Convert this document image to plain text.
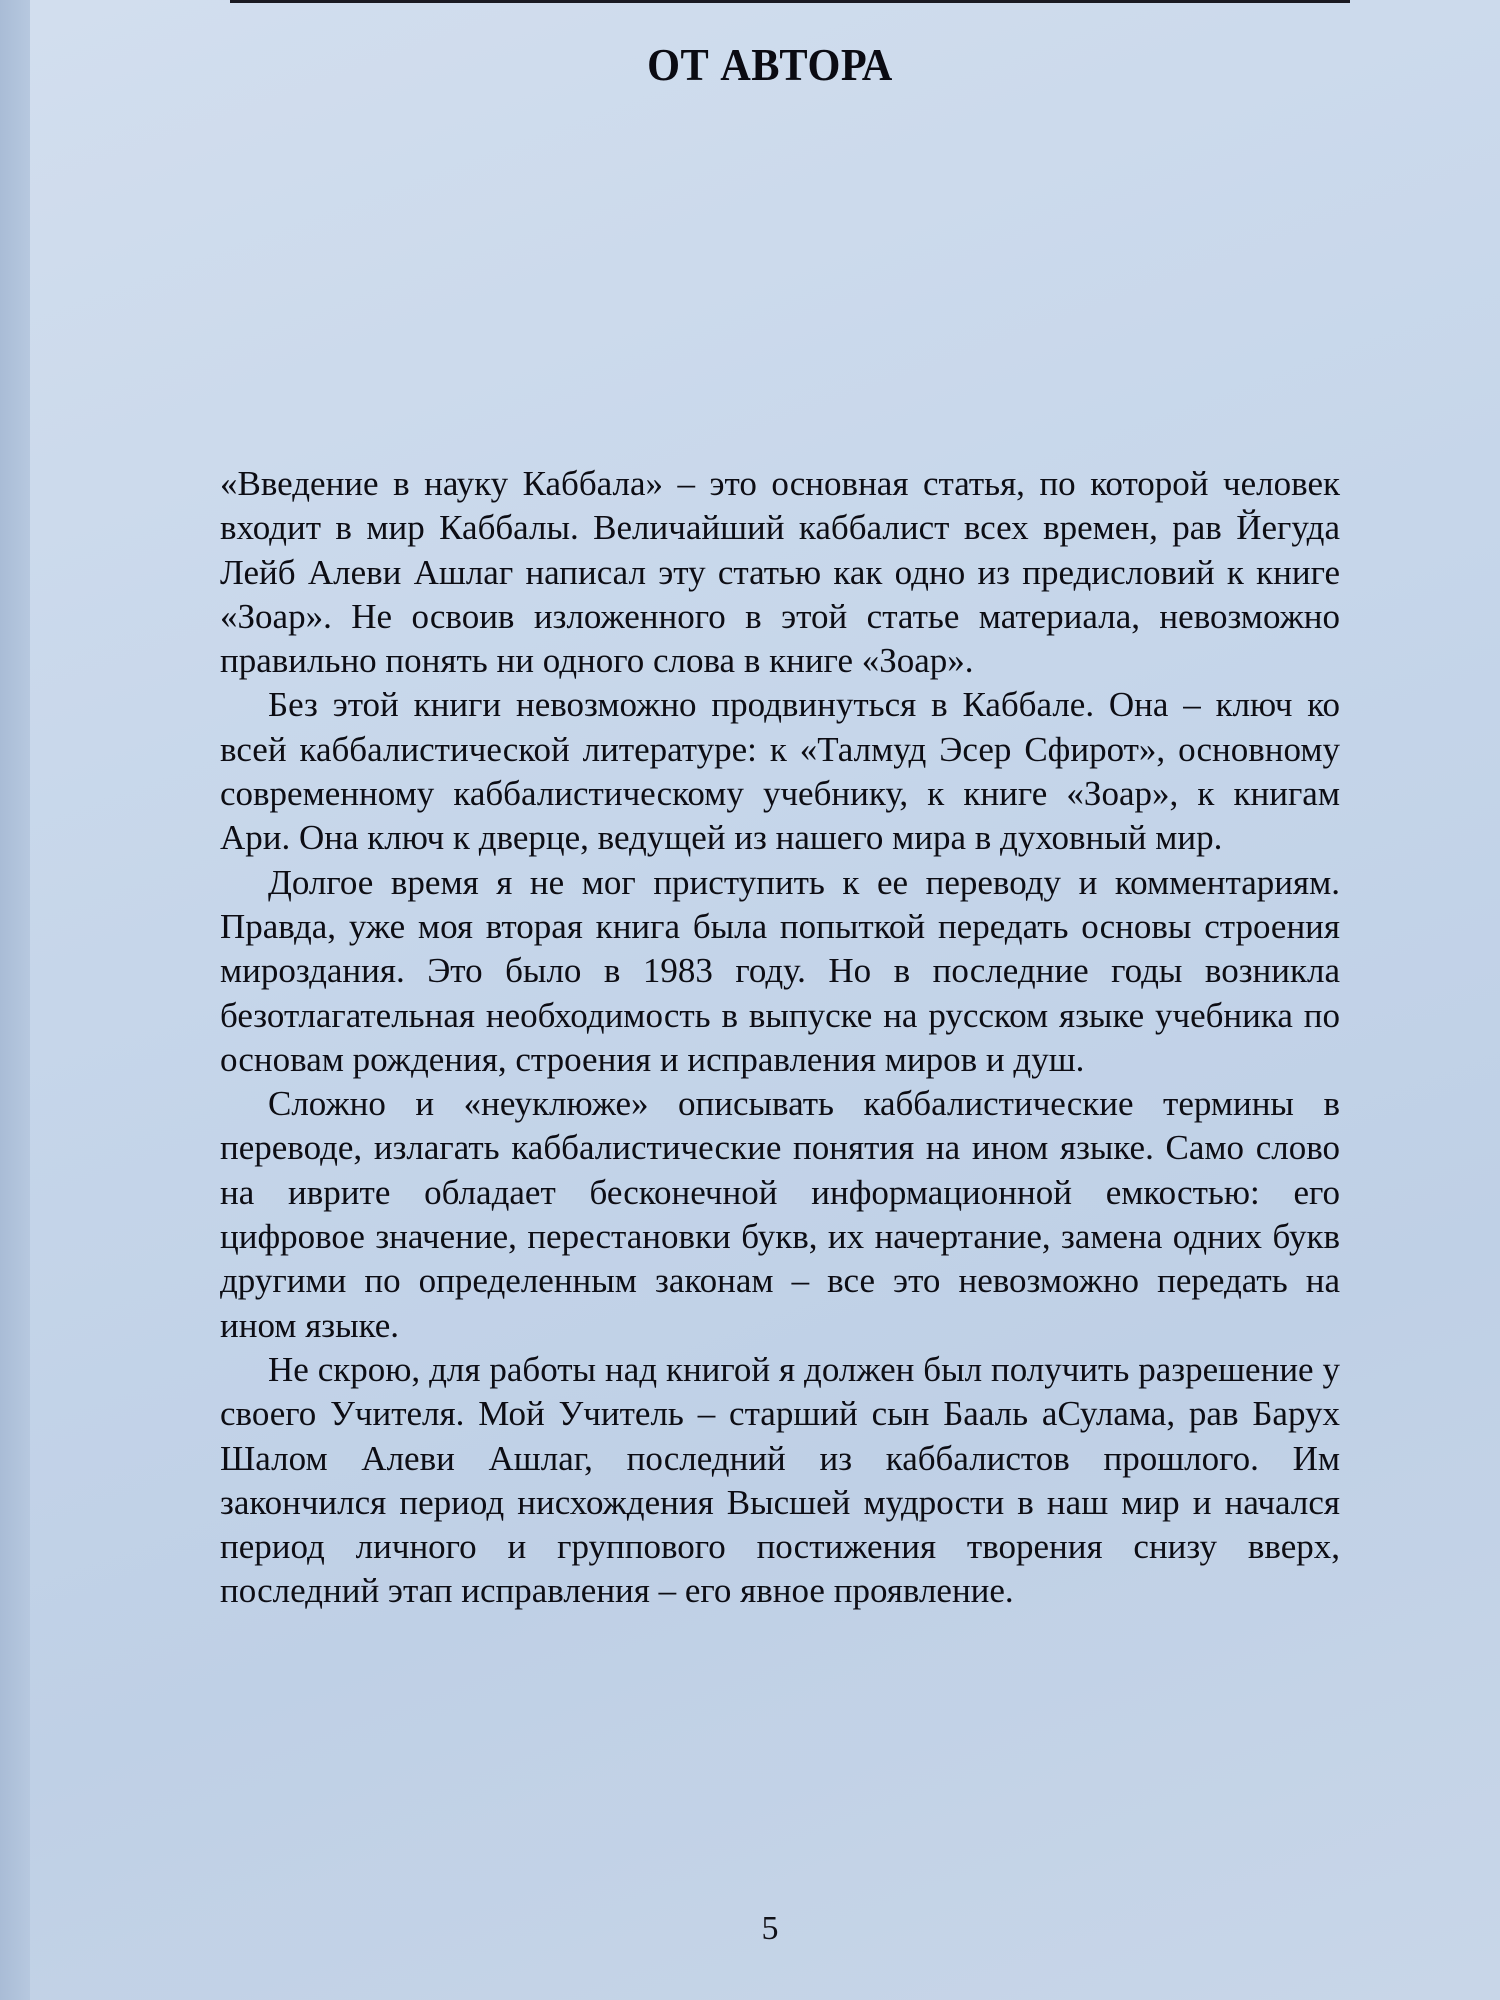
ОТ АВТОРА

«Введение в науку Каббала» – это основная статья, по которой человек входит в мир Каббалы. Величайший каббалист всех времен, рав Йегуда Лейб Алеви Ашлаг написал эту статью как одно из предисловий к книге «Зоар». Не освоив изложенного в этой статье материала, невозможно правильно понять ни одного слова в книге «Зоар».

Без этой книги невозможно продвинуться в Каббале. Она – ключ ко всей каббалистической литературе: к «Талмуд Эсер Сфирот», основному современному каббалистическому учебнику, к книге «Зоар», к книгам Ари. Она ключ к дверце, ведущей из нашего мира в духовный мир.

Долгое время я не мог приступить к ее переводу и комментариям. Правда, уже моя вторая книга была попыткой передать основы строения мироздания. Это было в 1983 году. Но в последние годы возникла безотлагательная необходимость в выпуске на русском языке учебника по основам рождения, строения и исправления миров и душ.

Сложно и «неуклюже» описывать каббалистические термины в переводе, излагать каббалистические понятия на ином языке. Само слово на иврите обладает бесконечной информационной емкостью: его цифровое значение, перестановки букв, их начертание, замена одних букв другими по определенным законам – все это невозможно передать на ином языке.

Не скрою, для работы над книгой я должен был получить разрешение у своего Учителя. Мой Учитель – старший сын Бааль аСулама, рав Барух Шалом Алеви Ашлаг, последний из каббалистов прошлого. Им закончился период нисхождения Высшей мудрости в наш мир и начался период личного и группового постижения творения снизу вверх, последний этап исправления – его явное проявление.

5
